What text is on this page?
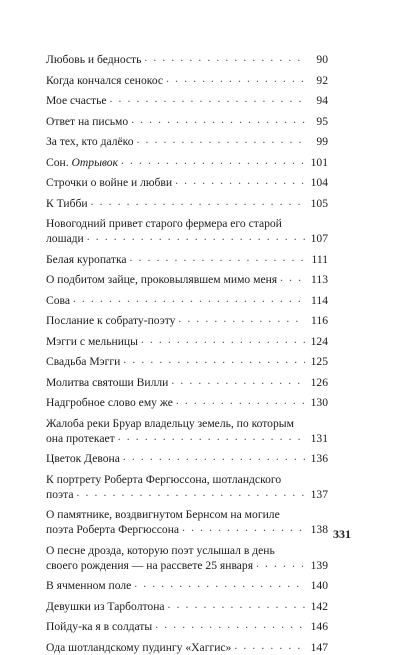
Любовь и бедность . . .	90
Когда кончался сенокос . . .	92
Мое счастье . . .	94
Ответ на письмо . . .	95
За тех, кто далёко . . .	99
Сон. Отрывок . . .	101
Строчки о войне и любви . . .	104
К Тибби . . .	105
Новогодний привет старого фермера его старой
лошади . . .	107
Белая куропатка . . .	111
О подбитом зайце, проковылявшем мимо меня . . .	113
Сова . . .	114
Послание к собрату-поэту . . .	116
Мэгги с мельницы . . .	124
Свадьба Мэгги . . .	125
Молитва святоши Вилли . . .	126
Надгробное слово ему же . . .	130
Жалоба реки Бруар владельцу земель, по которым
она протекает . . .	131
Цветок Девона . . .	136
К портрету Роберта Фергюссона, шотландского
поэта . . .	137
О памятнике, воздвигнутом Бернсом на могиле
поэта Роберта Фергюссона . . .	138
О песне дрозда, которую поэт услышал в день
своего рождения — на рассвете 25 января . . .	139
В ячменном поле . . .	140
Девушки из Тарболтона . . .	142
Пойду-ка я в солдаты . . .	146
Ода шотландскому пудингу «Хаггис» . . .	147
331
